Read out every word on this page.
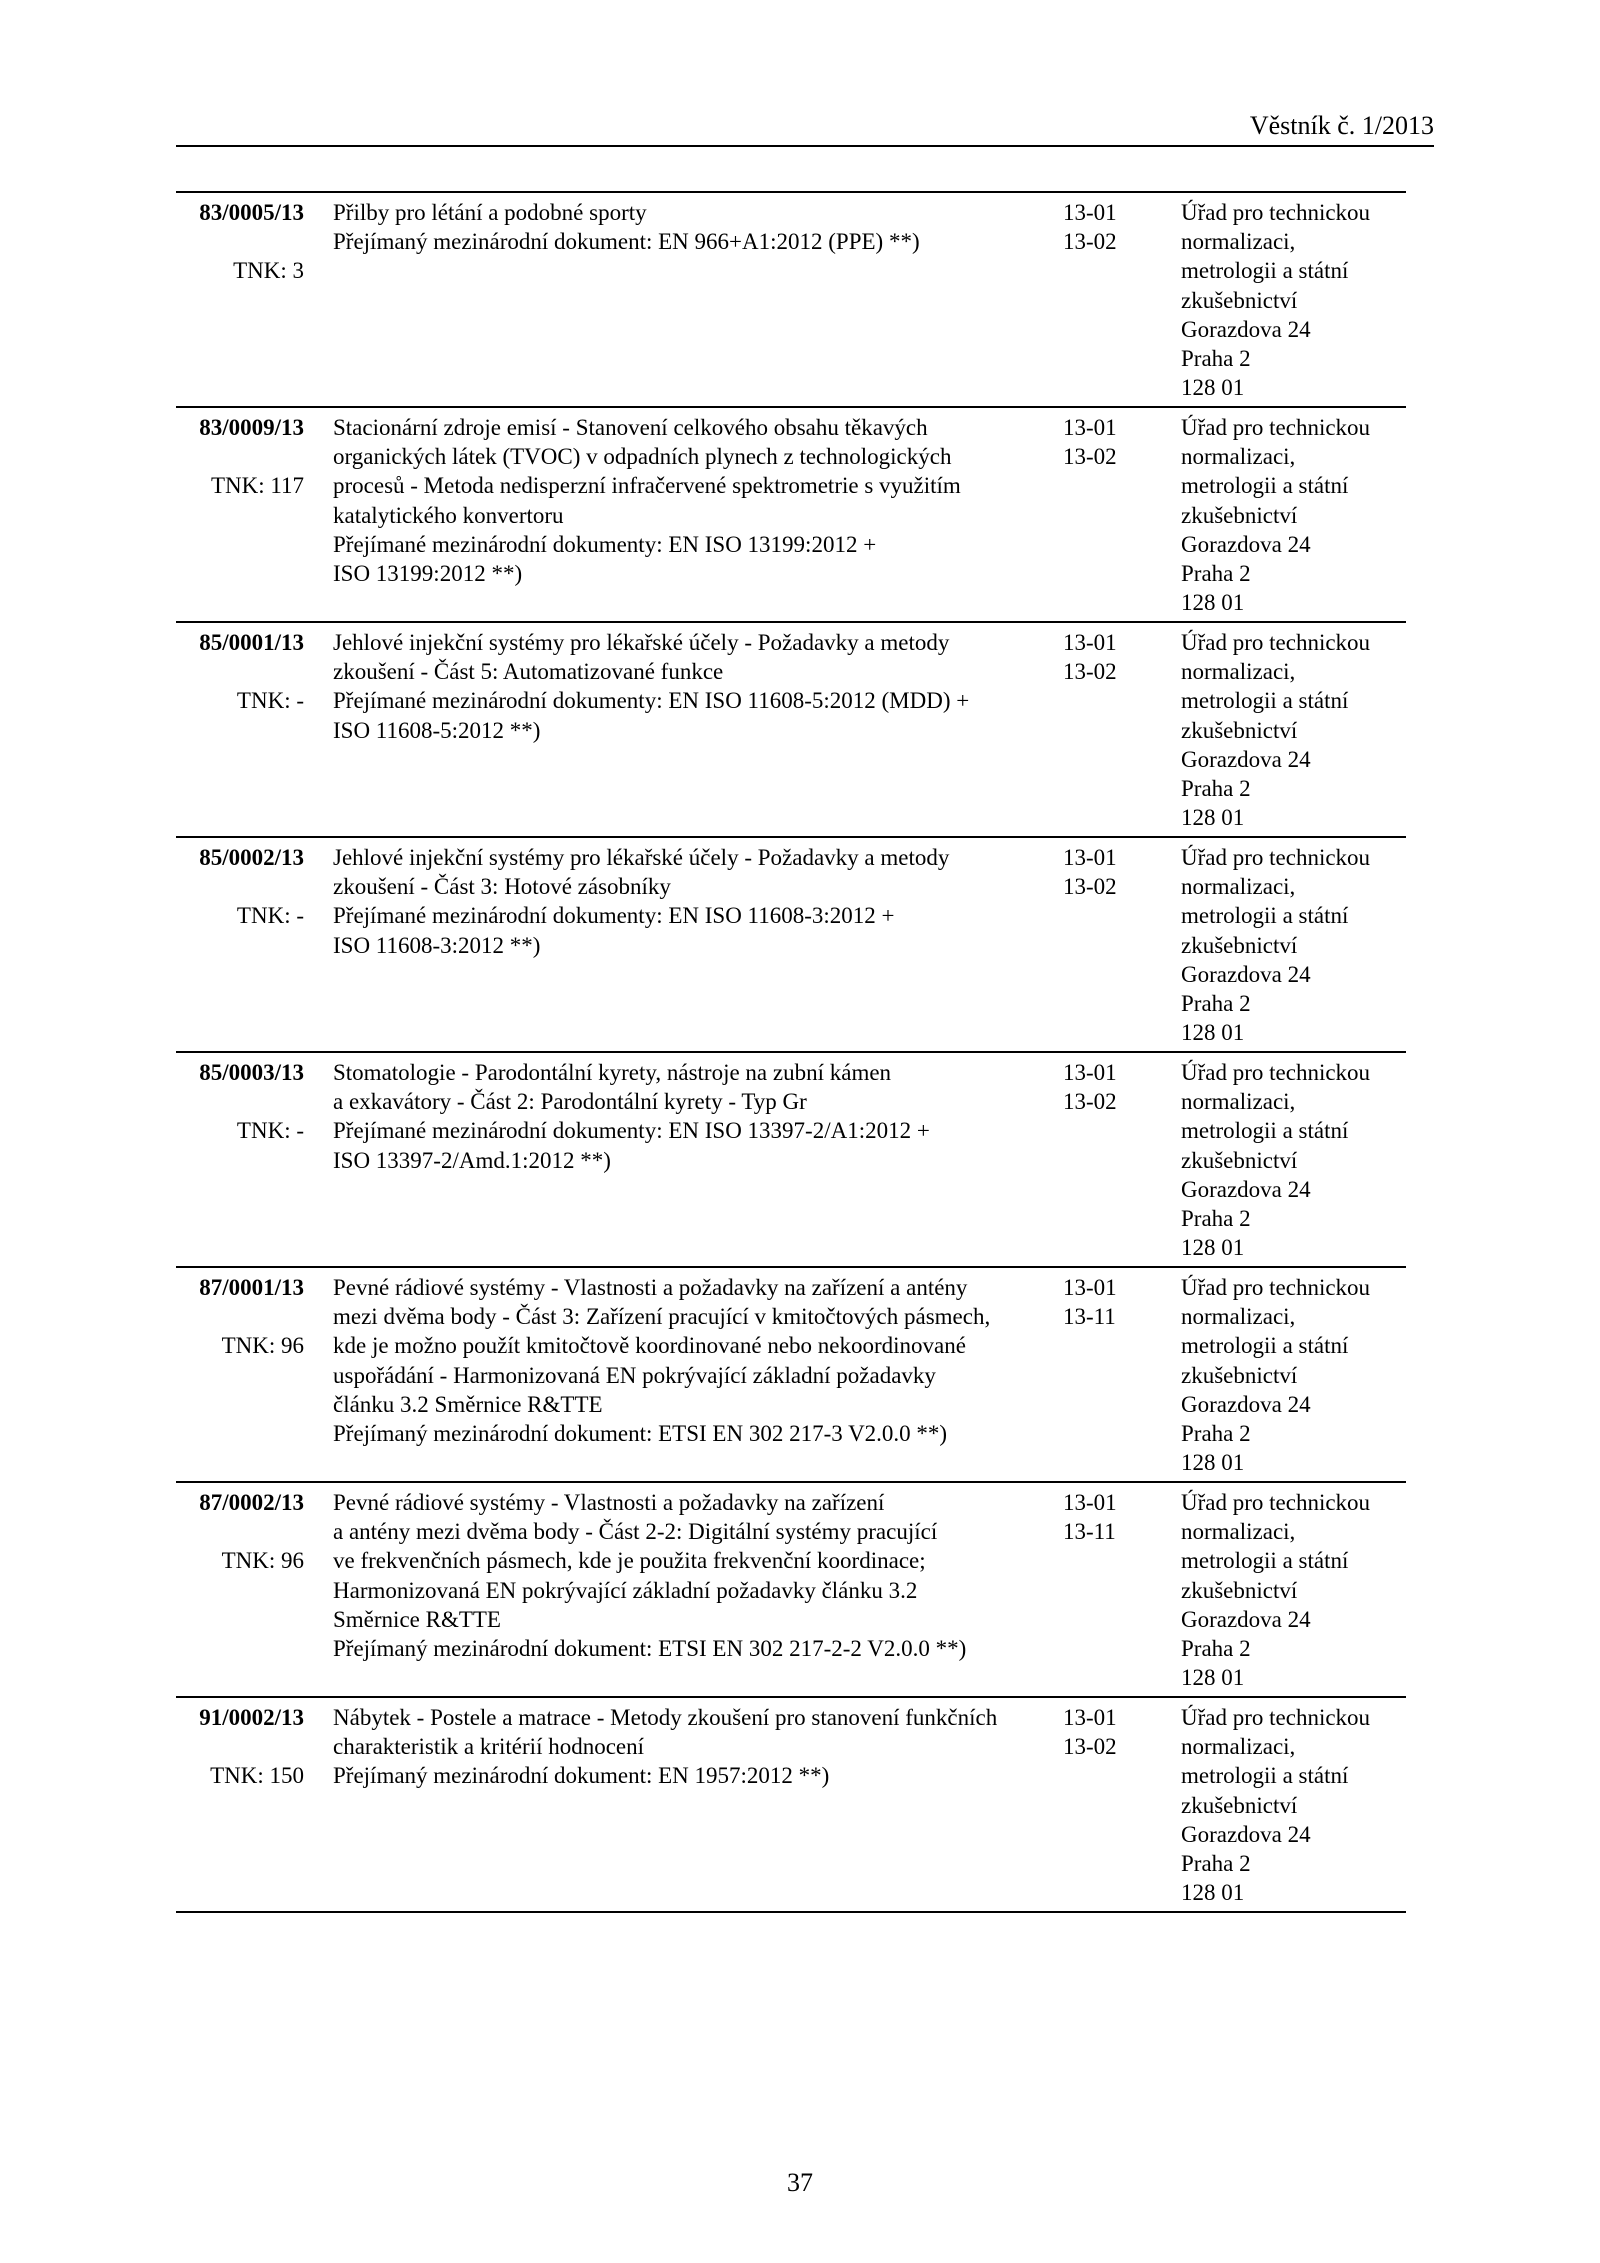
Věstník č. 1/2013
83/0005/13
TNK: 3
Přilby pro létání a podobné sporty
Přejímaný mezinárodní dokument: EN 966+A1:2012 (PPE) **)
13-01
13-02
Úřad pro technickou
normalizaci,
metrologii a státní
zkušebnictví
Gorazdova 24
Praha 2
128 01
83/0009/13
TNK: 117
Stacionární zdroje emisí - Stanovení celkového obsahu těkavých
organických látek (TVOC) v odpadních plynech z technologických
procesů - Metoda nedisperzní infračervené spektrometrie s využitím
katalytického konvertoru
Přejímané mezinárodní dokumenty: EN ISO 13199:2012 +
ISO 13199:2012 **)
13-01
13-02
Úřad pro technickou
normalizaci,
metrologii a státní
zkušebnictví
Gorazdova 24
Praha 2
128 01
85/0001/13
TNK: -
Jehlové injekční systémy pro lékařské účely - Požadavky a metody
zkoušení - Část 5: Automatizované funkce
Přejímané mezinárodní dokumenty: EN ISO 11608-5:2012 (MDD) +
ISO 11608-5:2012 **)
13-01
13-02
Úřad pro technickou
normalizaci,
metrologii a státní
zkušebnictví
Gorazdova 24
Praha 2
128 01
85/0002/13
TNK: -
Jehlové injekční systémy pro lékařské účely - Požadavky a metody
zkoušení - Část 3: Hotové zásobníky
Přejímané mezinárodní dokumenty: EN ISO 11608-3:2012 +
ISO 11608-3:2012 **)
13-01
13-02
Úřad pro technickou
normalizaci,
metrologii a státní
zkušebnictví
Gorazdova 24
Praha 2
128 01
85/0003/13
TNK: -
Stomatologie - Parodontální kyrety, nástroje na zubní kámen
a exkavátory - Část 2: Parodontální kyrety - Typ Gr
Přejímané mezinárodní dokumenty: EN ISO 13397-2/A1:2012 +
ISO 13397-2/Amd.1:2012 **)
13-01
13-02
Úřad pro technickou
normalizaci,
metrologii a státní
zkušebnictví
Gorazdova 24
Praha 2
128 01
87/0001/13
TNK: 96
Pevné rádiové systémy - Vlastnosti a požadavky na zařízení a antény
mezi dvěma body - Část 3: Zařízení pracující v kmitočtových pásmech,
kde je možno použít kmitočtově koordinované nebo nekoordinované
uspořádání - Harmonizovaná EN pokrývající základní požadavky
článku 3.2 Směrnice R&TTE
Přejímaný mezinárodní dokument: ETSI EN 302 217-3 V2.0.0 **)
13-01
13-11
Úřad pro technickou
normalizaci,
metrologii a státní
zkušebnictví
Gorazdova 24
Praha 2
128 01
87/0002/13
TNK: 96
Pevné rádiové systémy - Vlastnosti a požadavky na zařízení
a antény mezi dvěma body - Část 2-2: Digitální systémy pracující
ve frekvenčních pásmech, kde je použita frekvenční koordinace;
Harmonizovaná EN pokrývající základní požadavky článku 3.2
Směrnice R&TTE
Přejímaný mezinárodní dokument: ETSI EN 302 217-2-2 V2.0.0 **)
13-01
13-11
Úřad pro technickou
normalizaci,
metrologii a státní
zkušebnictví
Gorazdova 24
Praha 2
128 01
91/0002/13
TNK: 150
Nábytek - Postele a matrace - Metody zkoušení pro stanovení funkčních
charakteristik a kritérií hodnocení
Přejímaný mezinárodní dokument: EN 1957:2012 **)
13-01
13-02
Úřad pro technickou
normalizaci,
metrologii a státní
zkušebnictví
Gorazdova 24
Praha 2
128 01
37
